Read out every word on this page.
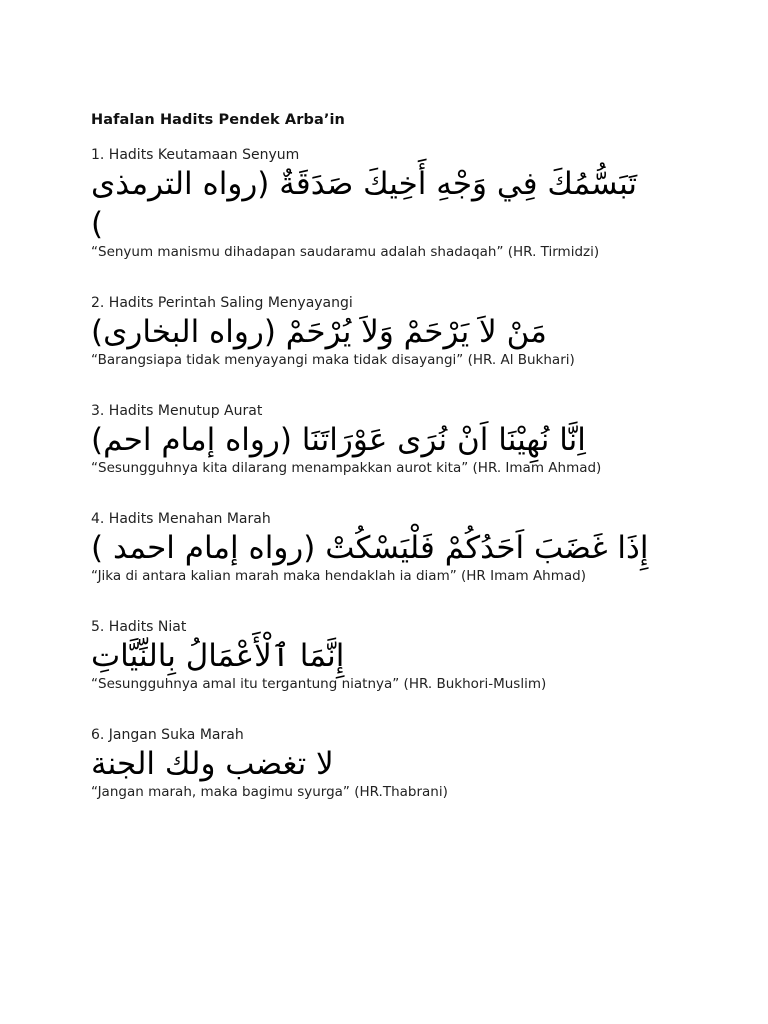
Hafalan Hadits Pendek Arba’in

1. Hadits Keutamaan Senyum

تَبَسُّمُكَ فِي وَجْهِ أَخِيكَ صَدَقَةٌ (رواه الترمذى )

“Senyum manismu dihadapan saudaramu adalah shadaqah” (HR. Tirmidzi)

2. Hadits Perintah Saling Menyayangi

مَنْ لاَ يَرْحَمْ وَلاَ يُرْحَمْ (رواه البخارى)

“Barangsiapa tidak menyayangi maka tidak disayangi” (HR. Al Bukhari)

3. Hadits Menutup Aurat

اِنَّا نُهِيْنَا اَنْ نُرَى عَوْرَاتَنَا (رواه إمام احم)

“Sesungguhnya kita dilarang menampakkan aurot kita” (HR. Imam Ahmad)

4. Hadits Menahan Marah

إِذَا غَضَبَ اَحَدُكُمْ فَلْيَسْكُتْ (رواه إمام احمد )

“Jika di antara kalian marah maka hendaklah ia diam” (HR Imam Ahmad)

5. Hadits Niat

إِنَّمَا ٱلْأَعْمَالُ بِالنِّيَّاتِ

“Sesungguhnya amal itu tergantung niatnya” (HR. Bukhori-Muslim)

6. Jangan Suka Marah

لا تغضب ولك الجنة

“Jangan marah, maka bagimu syurga” (HR.Thabrani)
